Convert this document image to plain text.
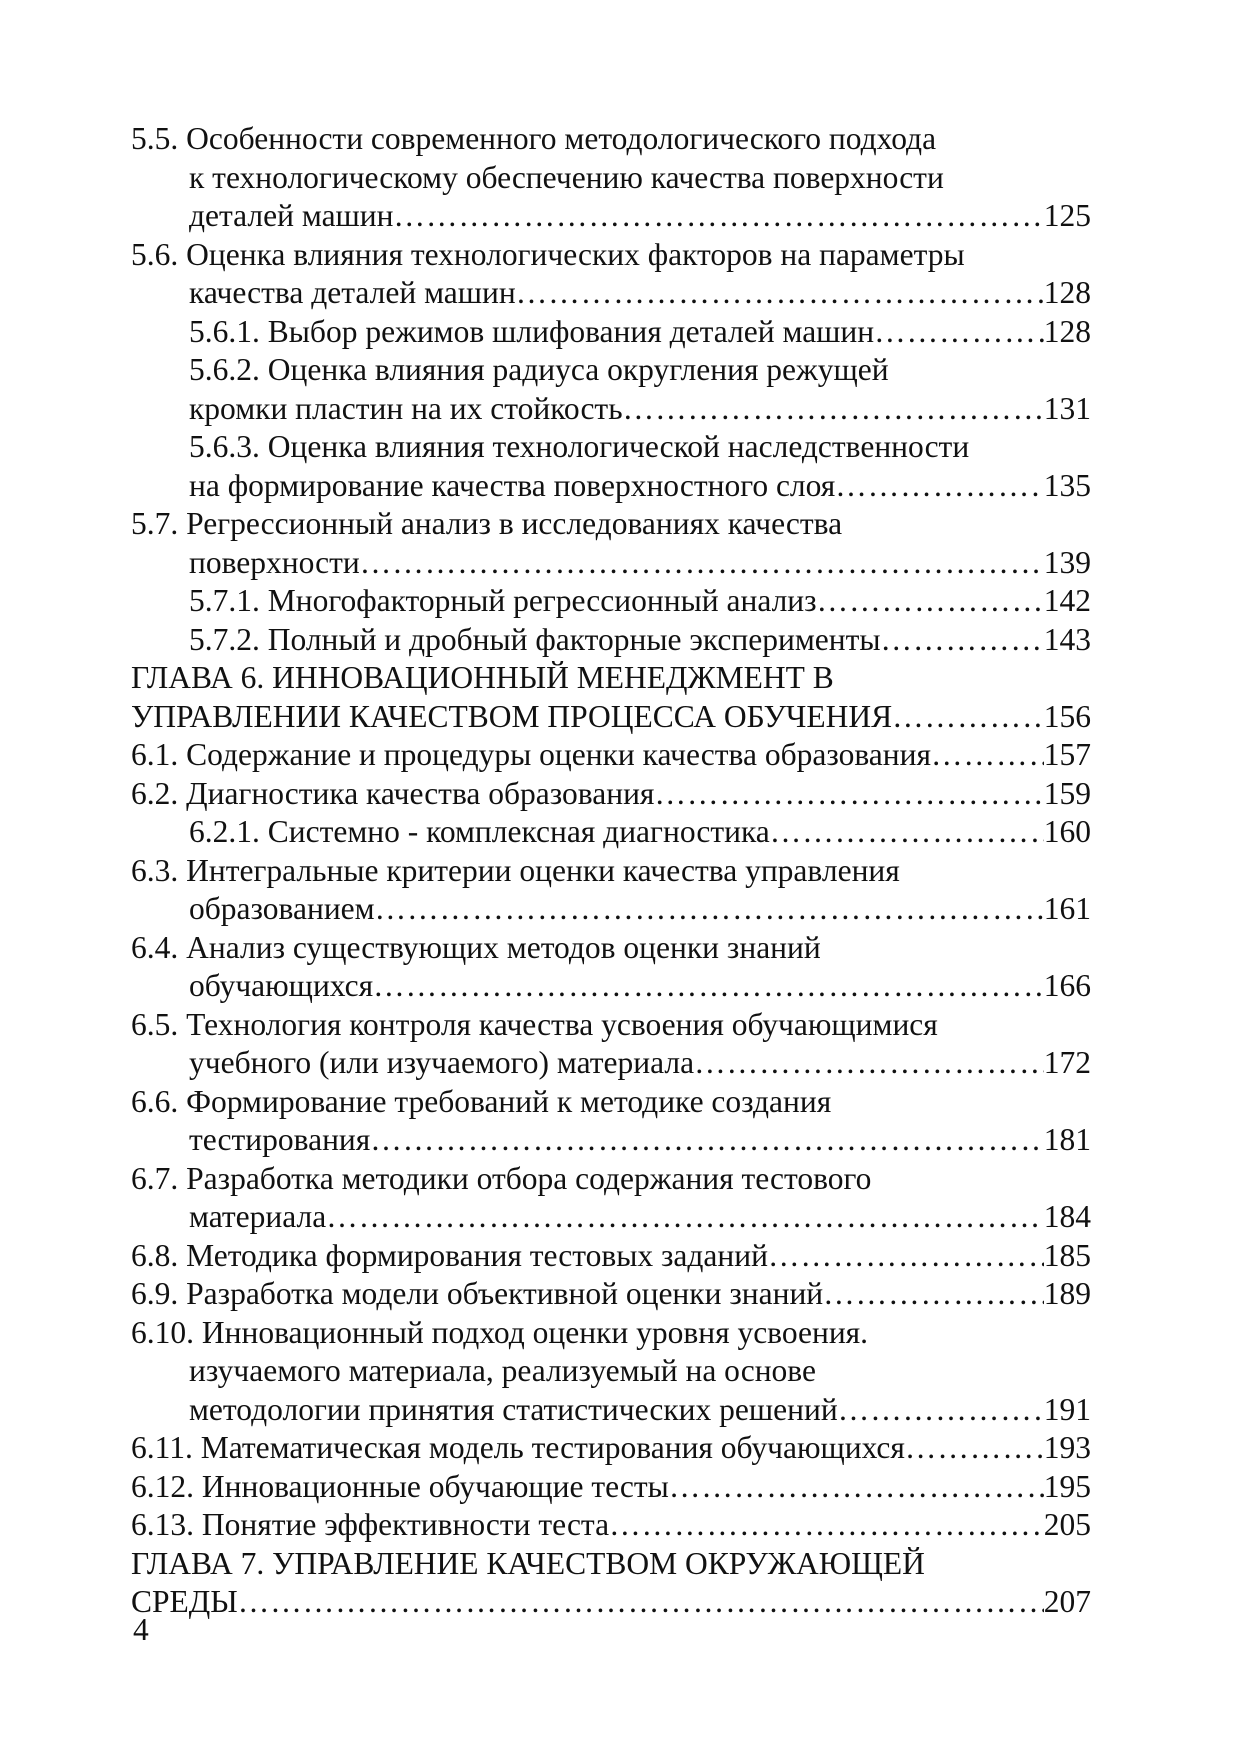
5.5. Особенности современного методологического подхода
к технологическому обеспечению качества поверхности
деталей машин ………………………………………………………………………………………………………………………………………………………………	125
5.6. Оценка влияния технологических факторов на параметры
качества деталей машин ………………………………………………………………………………………………………………………………………………………………	128
5.6.1. Выбор режимов шлифования деталей машин ………………………………………………………………………………………………………………………………………………………………	128
5.6.2. Оценка влияния радиуса округления режущей
кромки пластин на их стойкость ………………………………………………………………………………………………………………………………………………………………	131
5.6.3. Оценка влияния технологической наследственности
на формирование качества поверхностного слоя ………………………………………………………………………………………………………………………………………………………………	135
5.7. Регрессионный анализ в исследованиях качества
поверхности ………………………………………………………………………………………………………………………………………………………………	139
5.7.1. Многофакторный регрессионный анализ ………………………………………………………………………………………………………………………………………………………………	142
5.7.2. Полный и дробный факторные эксперименты ………………………………………………………………………………………………………………………………………………………………	143
ГЛАВА 6. ИННОВАЦИОННЫЙ МЕНЕДЖМЕНТ В
УПРАВЛЕНИИ КАЧЕСТВОМ ПРОЦЕССА ОБУЧЕНИЯ ………………………………………………………………………………………………………………………………………………………………	156
6.1. Содержание и процедуры оценки качества образования ………………………………………………………………………………………………………………………………………………………………	157
6.2. Диагностика качества образования ………………………………………………………………………………………………………………………………………………………………	159
6.2.1. Системно - комплексная диагностика ………………………………………………………………………………………………………………………………………………………………	160
6.3. Интегральные критерии оценки качества управления
образованием ………………………………………………………………………………………………………………………………………………………………	161
6.4. Анализ существующих методов оценки знаний
обучающихся ………………………………………………………………………………………………………………………………………………………………	166
6.5. Технология контроля качества усвоения обучающимися
учебного (или изучаемого) материала ………………………………………………………………………………………………………………………………………………………………	172
6.6. Формирование требований к методике создания
тестирования ………………………………………………………………………………………………………………………………………………………………	181
6.7. Разработка методики отбора содержания тестового
материала ………………………………………………………………………………………………………………………………………………………………	184
6.8. Методика формирования тестовых заданий ………………………………………………………………………………………………………………………………………………………………	185
6.9. Разработка модели объективной оценки знаний ………………………………………………………………………………………………………………………………………………………………	189
6.10. Инновационный подход оценки уровня усвоения.
изучаемого материала, реализуемый на основе
методологии принятия статистических решений ………………………………………………………………………………………………………………………………………………………………	191
6.11. Математическая модель тестирования обучающихся ………………………………………………………………………………………………………………………………………………………………	193
6.12. Инновационные обучающие тесты ………………………………………………………………………………………………………………………………………………………………	195
6.13. Понятие эффективности теста ………………………………………………………………………………………………………………………………………………………………	205
ГЛАВА 7. УПРАВЛЕНИЕ КАЧЕСТВОМ ОКРУЖАЮЩЕЙ
СРЕДЫ ………………………………………………………………………………………………………………………………………………………………	207
4
